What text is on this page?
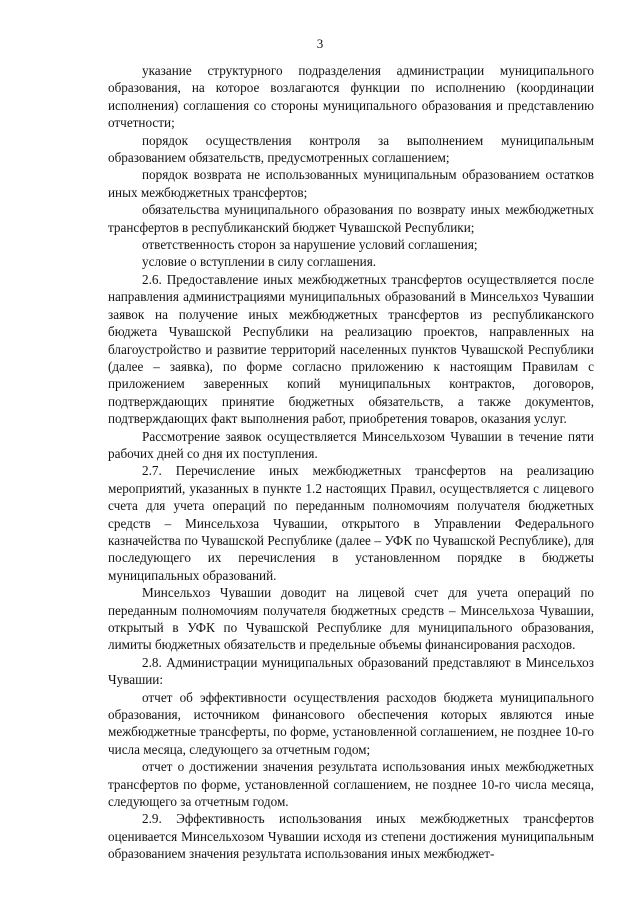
3

указание структурного подразделения администрации муниципального образования, на которое возлагаются функции по исполнению (координации исполнения) соглашения со стороны муниципального образования и представлению отчетности;

порядок осуществления контроля за выполнением муниципальным образованием обязательств, предусмотренных соглашением;

порядок возврата не использованных муниципальным образованием остатков иных межбюджетных трансфертов;

обязательства муниципального образования по возврату иных межбюджетных трансфертов в республиканский бюджет Чувашской Республики;

ответственность сторон за нарушение условий соглашения;

условие о вступлении в силу соглашения.

2.6. Предоставление иных межбюджетных трансфертов осуществляется после направления администрациями муниципальных образований в Минсельхоз Чувашии заявок на получение иных межбюджетных трансфертов из республиканского бюджета Чувашской Республики на реализацию проектов, направленных на благоустройство и развитие территорий населенных пунктов Чувашской Республики (далее – заявка), по форме согласно приложению к настоящим Правилам с приложением заверенных копий муниципальных контрактов, договоров, подтверждающих принятие бюджетных обязательств, а также документов, подтверждающих факт выполнения работ, приобретения товаров, оказания услуг.

Рассмотрение заявок осуществляется Минсельхозом Чувашии в течение пяти рабочих дней со дня их поступления.

2.7. Перечисление иных межбюджетных трансфертов на реализацию мероприятий, указанных в пункте 1.2 настоящих Правил, осуществляется с лицевого счета для учета операций по переданным полномочиям получателя бюджетных средств – Минсельхоза Чувашии, открытого в Управлении Федерального казначейства по Чувашской Республике (далее – УФК по Чувашской Республике), для последующего их перечисления в установленном порядке в бюджеты муниципальных образований.

Минсельхоз Чувашии доводит на лицевой счет для учета операций по переданным полномочиям получателя бюджетных средств – Минсельхоза Чувашии, открытый в УФК по Чувашской Республике для муниципального образования, лимиты бюджетных обязательств и предельные объемы финансирования расходов.

2.8. Администрации муниципальных образований представляют в Минсельхоз Чувашии:

отчет об эффективности осуществления расходов бюджета муниципального образования, источником финансового обеспечения которых являются иные межбюджетные трансферты, по форме, установленной соглашением, не позднее 10-го числа месяца, следующего за отчетным годом;

отчет о достижении значения результата использования иных межбюджетных трансфертов по форме, установленной соглашением, не позднее 10-го числа месяца, следующего за отчетным годом.

2.9. Эффективность использования иных межбюджетных трансфертов оценивается Минсельхозом Чувашии исходя из степени достижения муниципальным образованием значения результата использования иных межбюджет-
